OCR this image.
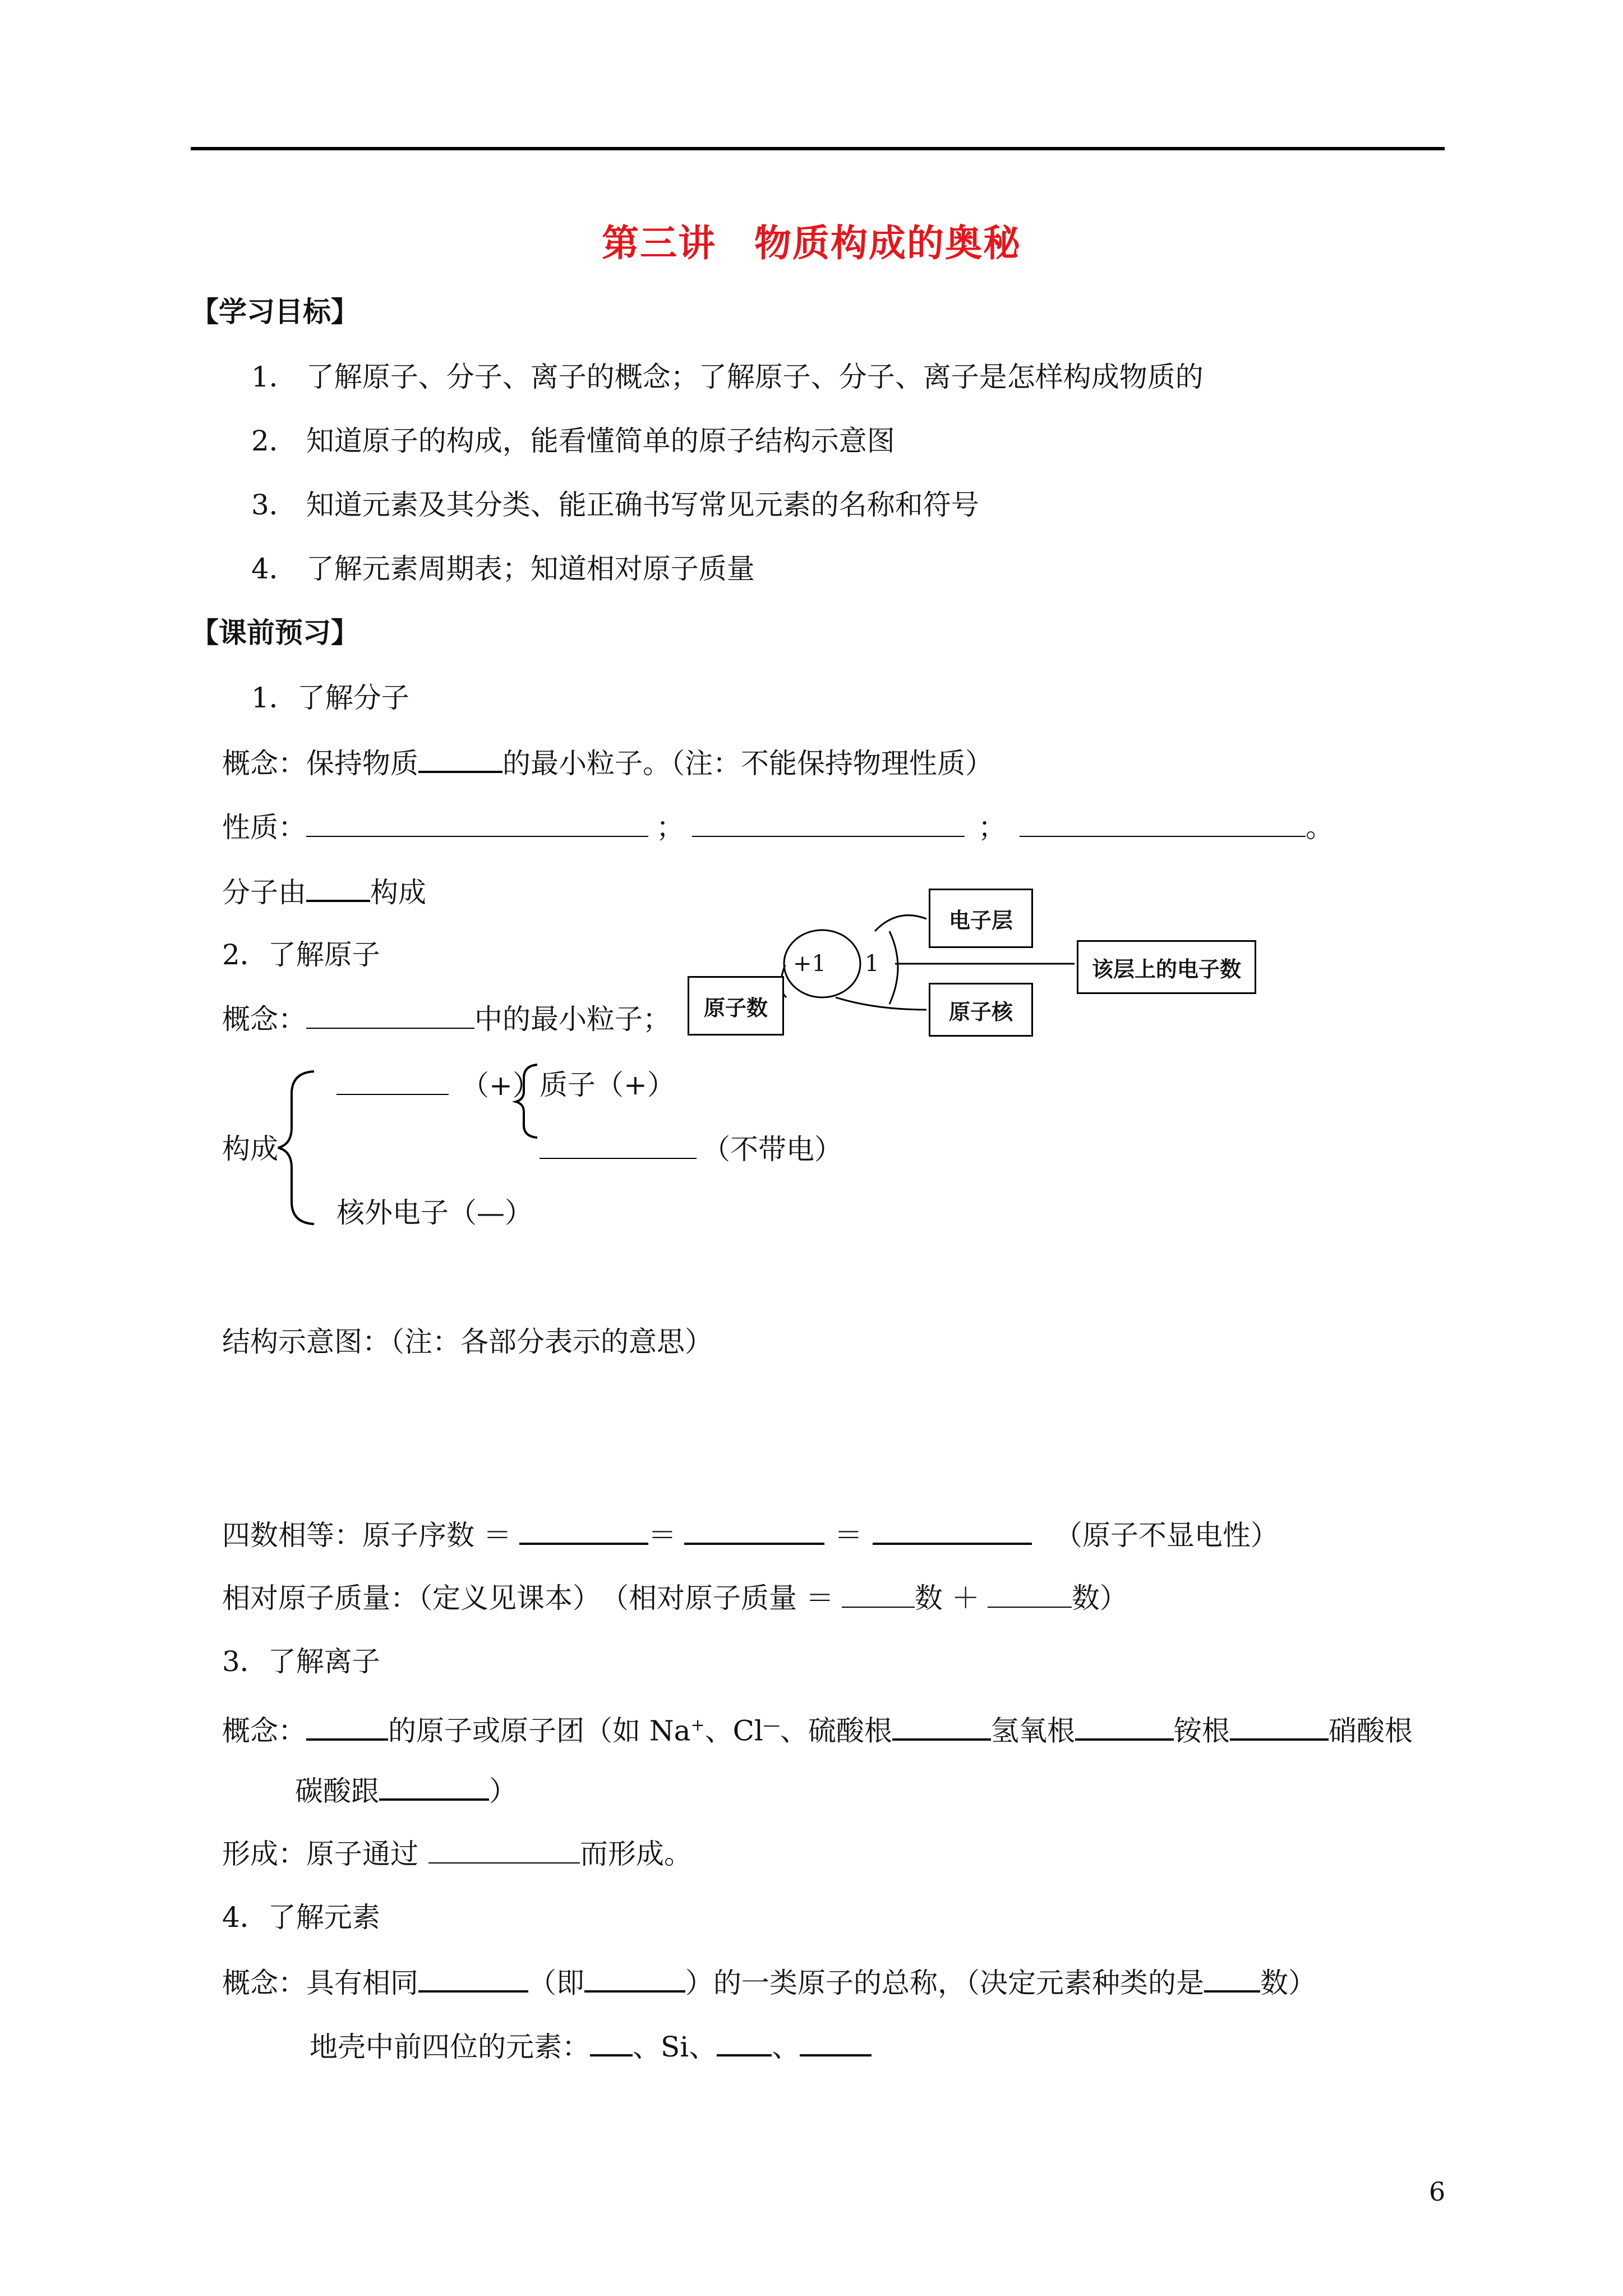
第三讲　物质构成的奥秘
【学习目标】
1． 了解原子、分子、离子的概念；了解原子、分子、离子是怎样构成物质的
2． 知道原子的构成，能看懂简单的原子结构示意图
3． 知道元素及其分类、能正确书写常见元素的名称和符号
4． 了解元素周期表；知道相对原子质量
【课前预习】
1．了解分子
概念：保持物质	的最小粒子。（注：不能保持物理性质）
性质：	；	；	。
分子由 构成
2．了解原子
概念：	中的最小粒子；
+1 1
电子层
该层上的电子数
原子数	原子核
（+）
质子（+）
（不带电）
构成
核外电子（—）
结构示意图：（注：各部分表示的意思）
四数相等：原子序数 ＝	＝	＝	（原子不显电性）
相对原子质量：（定义见课本）　（相对原子质量 ＝	数 ＋	数）
3．了解离子
概念：	的原子或原子团（如 Na+、Cl—、硫酸根	氢氧根	铵根	硝酸根
碳酸跟	）
形成：原子通过	而形成。
4．了解元素
概念：具有相同	（即	）的一类原子的总称，（决定元素种类的是 数）
地壳中前四位的元素： 、Si、 、
6
